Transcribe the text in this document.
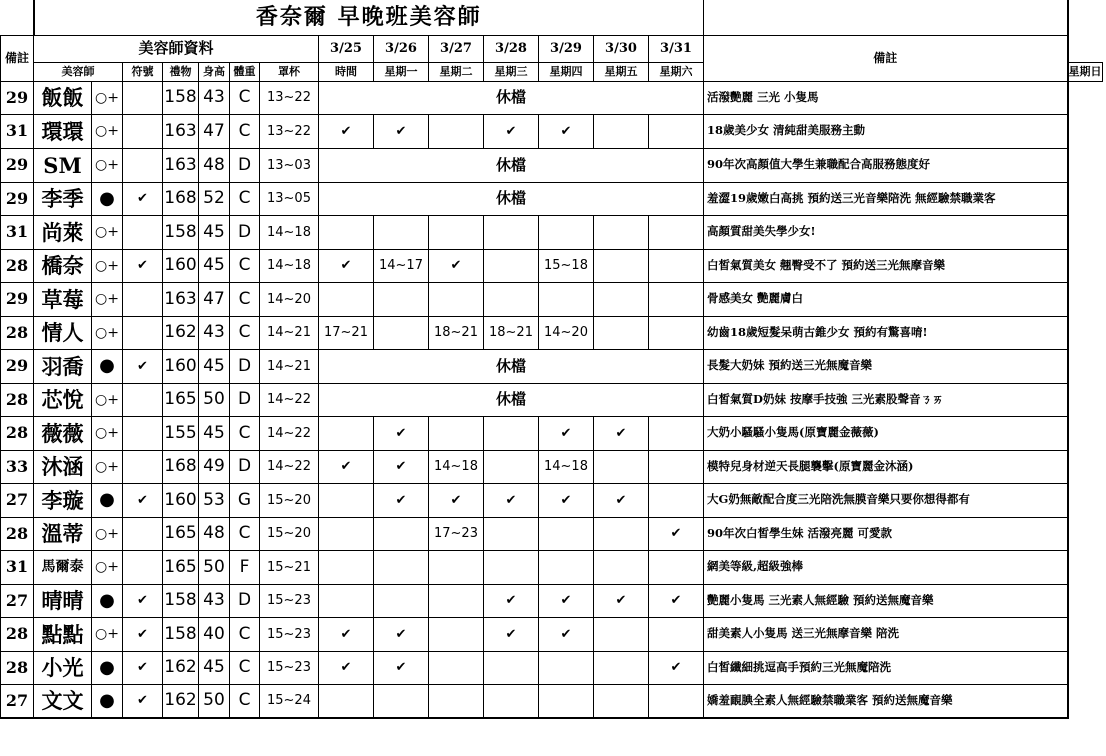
	香奈爾 早晚班美容師															
備註	美容師資料							3/25	3/26	3/27	3/28	3/29	3/30	3/31	備註	
	美容師		符號	禮物	身高	體重	罩杯	時間	星期一	星期二	星期三	星期四	星期五	星期六		星期日
29	飯飯	○+		158	43	C	13~22	休檔							活潑艷麗 三光 小隻馬	
31	環環	○+		163	47	C	13~22	✔	✔		✔	✔			18歲美少女 清純甜美服務主動	
29	SM	○+		163	48	D	13~03	休檔							90年次高顏值大學生兼職配合高服務態度好	
29	李季	●	✔	168	52	C	13~05	休檔							羞澀19歲嫩白高挑 預約送三光音樂陪洗 無經驗禁職業客	
31	尚萊	○+		158	45	D	14~18								高顏質甜美失學少女!	
28	橋奈	○+	✔	160	45	C	14~18	✔	14~17	✔		15~18			白皙氣質美女 翹臀受不了 預約送三光無摩音樂	
29	草莓	○+		163	47	C	14~20								骨感美女 艷麗膚白	
28	情人	○+		162	43	C	14~21	17~21		18~21	18~21	14~20			幼齒18歲短髮呆萌古錐少女 預約有驚喜唷!	
29	羽喬	●	✔	160	45	D	14~21	休檔							長髮大奶妹 預約送三光無魔音樂	
28	芯悅	○+		165	50	D	14~22	休檔							白皙氣質D奶妹 按摩手技強 三光素股聲音ㄋㄞ	
28	薇薇	○+		155	45	C	14~22		✔			✔	✔		大奶小騷騷小隻馬(原寶麗金薇薇)	
33	沐涵	○+		168	49	D	14~22	✔	✔	14~18		14~18			模特兒身材逆天長腿襲擊(原寶麗金沐涵)	
27	李璇	●	✔	160	53	G	15~20		✔	✔	✔	✔	✔		大G奶無敵配合度三光陪洗無膜音樂只要你想得都有	
28	溫蒂	○+		165	48	C	15~20			17~23				✔	90年次白皙學生妹 活潑亮麗 可愛款	
31	馬爾泰	○+		165	50	F	15~21								網美等級,超級強棒	
27	晴晴	●	✔	158	43	D	15~23				✔	✔	✔	✔	艷麗小隻馬 三光素人無經驗 預約送無魔音樂	
28	點點	○+	✔	158	40	C	15~23	✔	✔		✔	✔			甜美素人小隻馬 送三光無摩音樂 陪洗	
28	小光	●	✔	162	45	C	15~23	✔	✔					✔	白皙纖細挑逗高手預約三光無魔陪洗	
27	文文	●	✔	162	50	C	15~24								嬌羞靦腆全素人無經驗禁職業客 預約送無魔音樂	
